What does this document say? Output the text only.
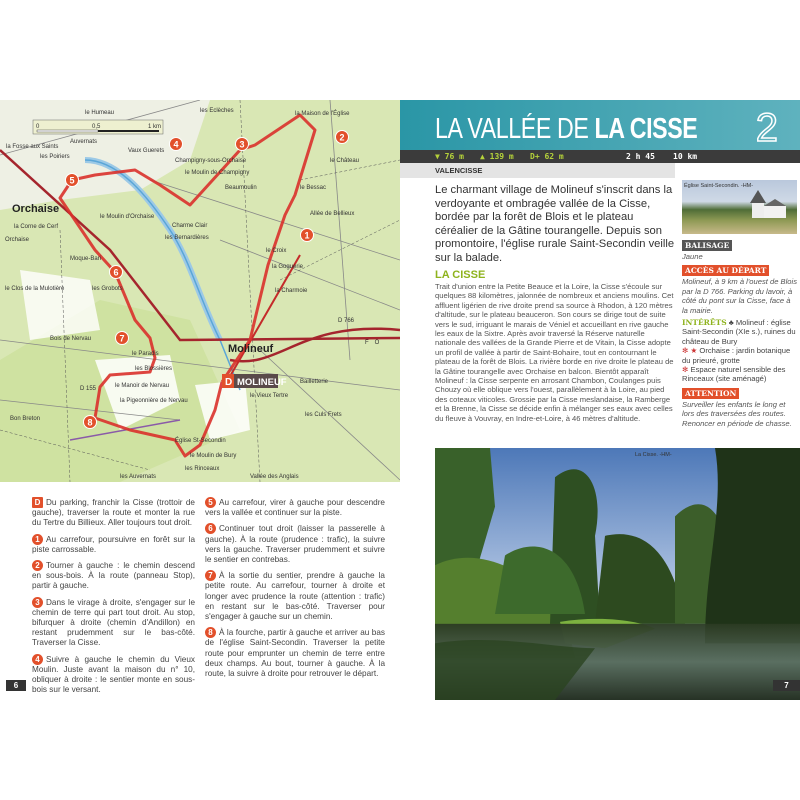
0	0,5	1 km
le Humeau	les Eclèches
la Fosse aux Saints
les Poiriers
Auvernats
Orchaise
la Corne de Cerf
Orchaise
Moque-Bari
le Clos de la Mulotière	les Grobots
le Moulin d'Orchaise
Charme Clair
les Bernardières
Champigny-sous-Orchaise
Vaux Guerets
le Moulin de Champigny
Beaumoulin
le Château
la Maison de l'Église
le Bessac
Allée de Bellieux
le Croix
la Goguerie
la Charmoie
Bois de Nervau
le Paradis
les Blossières
le Manoir de Nervau
la Pigeonnière de Nervau
Bon Breton
Molineuf
Bailletterie
les Culs Frets
le Vieux Tertre
Église St-Secondin
le Moulin de Bury
les Rinceaux
les Auvernats	Vallée des Anglais
FO
D 766
D 155
1
2
3
4
5
6
7
8
D MOLINEUF

D Du parking, franchir la Cisse (trottoir de gauche), traverser la route et monter la rue du Tertre du Billieux. Aller toujours tout droit.

1 Au carrefour, poursuivre en forêt sur la piste carrossable.

2 Tourner à gauche : le chemin descend en sous-bois. À la route (panneau Stop), partir à gauche.

3 Dans le virage à droite, s'engager sur le chemin de terre qui part tout droit. Au stop, bifurquer à droite (chemin d'Andillon) en restant prudemment sur le bas-côté. Traverser la Cisse.

4 Suivre à gauche le chemin du Vieux Moulin. Juste avant la maison du n° 10, obliquer à droite : le sentier monte en sous-bois sur le versant.

5 Au carrefour, virer à gauche pour descendre vers la vallée et continuer sur la piste.

6 Continuer tout droit (laisser la passerelle à gauche). À la route (prudence : trafic), la suivre vers la gauche. Traverser prudemment et suivre le sentier en contrebas.

7 À la sortie du sentier, prendre à gauche la petite route. Au carrefour, tourner à droite et longer avec prudence la route (attention : trafic) en restant sur le bas-côté. Traverser pour s'engager à gauche sur un chemin.

8 À la fourche, partir à gauche et arriver au bas de l'église Saint-Secondin. Traverser la petite route pour emprunter un chemin de terre entre deux champs. Au bout, tourner à gauche. À la route, la suivre à droite pour retrouver le départ.

6
LA VALLÉE DE LA CISSE 2
▼ 76 m ▲ 139 m D+ 62 m	2 h 45 10 km
VALENCISSE
Le charmant village de Molineuf s'inscrit dans la verdoyante et ombragée vallée de la Cisse, bordée par la forêt de Blois et le plateau céréalier de la Gâtine tourangelle. Depuis son promontoire, l'église rurale Saint-Secondin veille sur la balade.
LA CISSE
Trait d'union entre la Petite Beauce et la Loire, la Cisse s'écoule sur quelques 88 kilomètres, jalonnée de nombreux et anciens moulins. Cet affluent ligérien de rive droite prend sa source à Rhodon, à 120 mètres d'altitude, sur le plateau beauceron. Son cours se dirige tout de suite vers le sud, irriguant le marais de Véniel et accueillant en rive gauche les eaux de la Sixtre. Après avoir traversé la Réserve naturelle nationale des vallées de la Grande Pierre et de Vitain, la Cisse adopte un profil de vallée à partir de Saint-Bohaire, tout en contournant le plateau de la forêt de Blois. La rivière borde en rive droite le plateau de la Gâtine tourangelle avec Orchaise en balcon. Bientôt apparaît Molineuf : la Cisse serpente en arrosant Chambon, Coulanges puis Chouzy où elle oblique vers l'ouest, parallèlement à la Loire, au pied des coteaux viticoles. Grossie par la Cisse meslandaise, la Ramberge et la Brenne, la Cisse se décide enfin à mélanger ses eaux avec celles du fleuve à Vouvray, en Indre-et-Loire, à 46 mètres d'altitude.
Église Saint-Secondin. -HM-
BALISAGE
Jaune
ACCÈS AU DÉPART
Molineuf, à 9 km à l'ouest de Blois par la D 766. Parking du lavoir, à côté du pont sur la Cisse, face à la mairie.
INTÉRÊTS ♣ Molineuf : église Saint-Secondin (XIe s.), ruines du château de Bury
✻ ★ Orchaise : jardin botanique du prieuré, grotte
✻ Espace naturel sensible des Rinceaux (site aménagé)
ATTENTION
Surveiller les enfants le long et lors des traversées des routes. Renoncer en période de chasse.
La Cisse. -HM-
7
